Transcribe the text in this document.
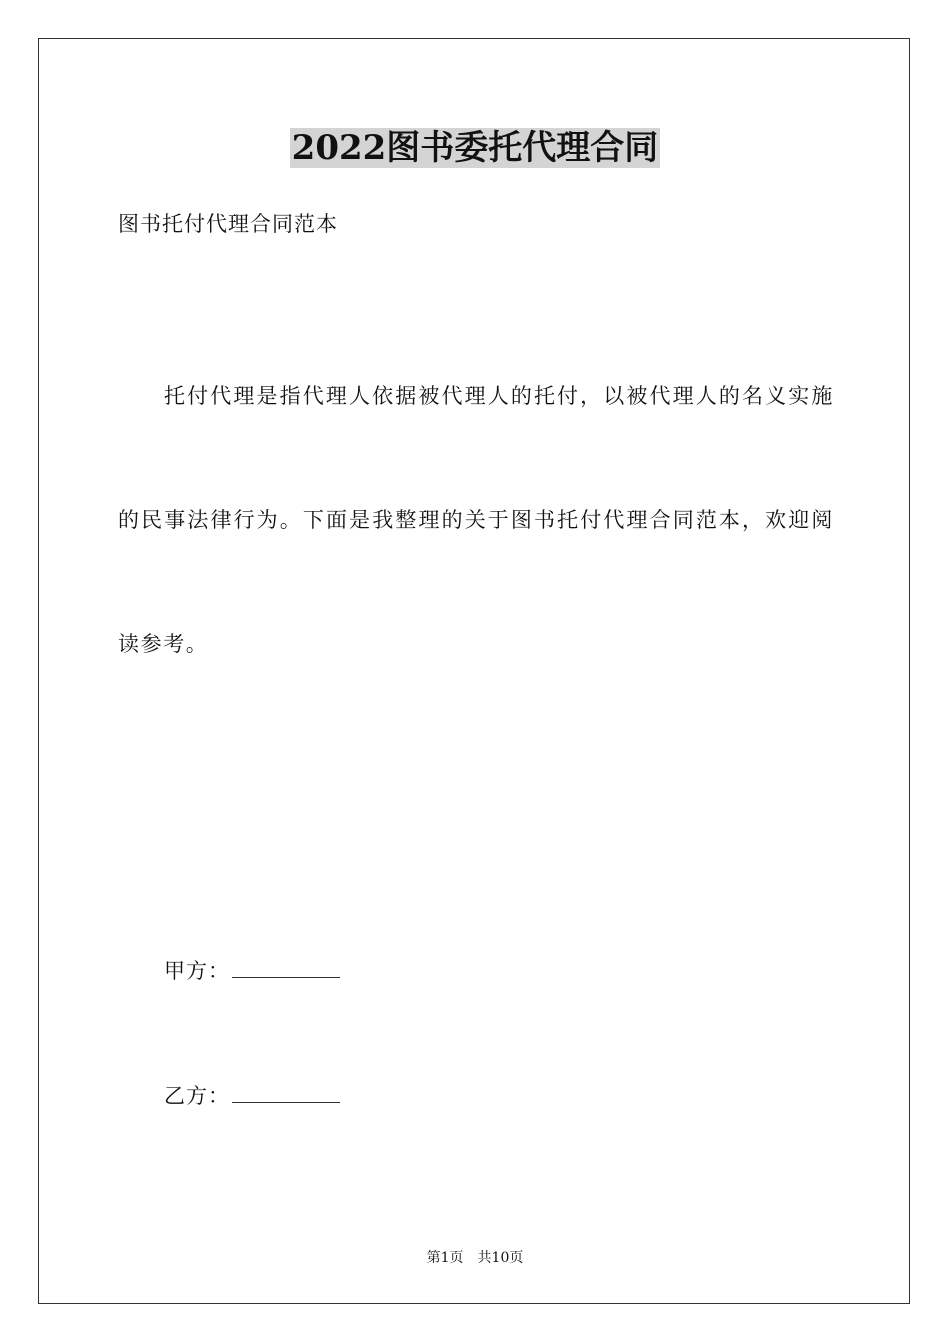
2022图书委托代理合同
图书托付代理合同范本

托付代理是指代理人依据被代理人的托付，以被代理人的名义实施的民事法律行为。下面是我整理的关于图书托付代理合同范本，欢迎阅读参考。

甲方：
乙方：
第1页 共10页
